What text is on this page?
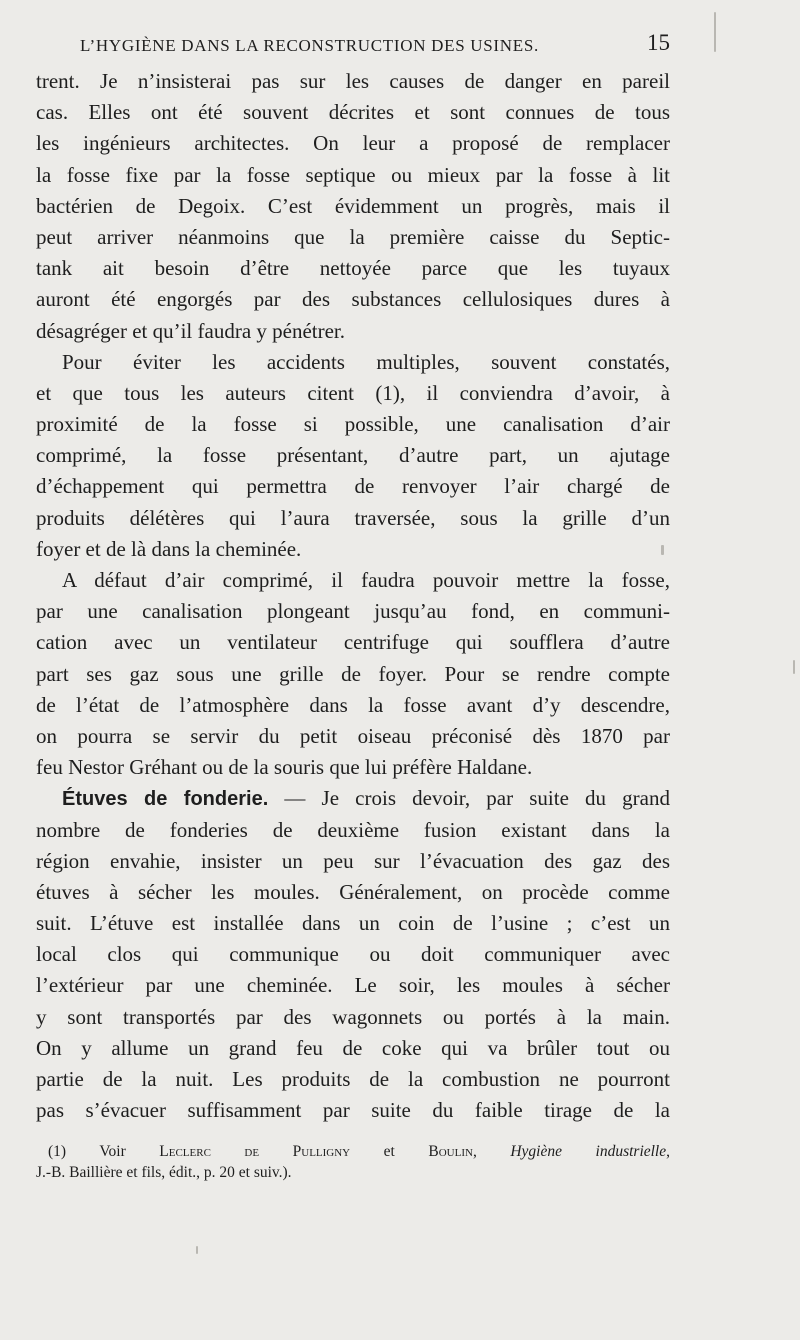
L’HYGIÈNE DANS LA RECONSTRUCTION DES USINES.	15
trent. Je n’insisterai pas sur les causes de danger en pareil
cas. Elles ont été souvent décrites et sont connues de tous
les ingénieurs architectes. On leur a proposé de remplacer
la fosse fixe par la fosse septique ou mieux par la fosse à lit
bactérien de Degoix. C’est évidemment un progrès, mais il
peut arriver néanmoins que la première caisse du Septic-
tank ait besoin d’être nettoyée parce que les tuyaux
auront été engorgés par des substances cellulosiques dures à
désagréger et qu’il faudra y pénétrer.
Pour éviter les accidents multiples, souvent constatés,
et que tous les auteurs citent (1), il conviendra d’avoir, à
proximité de la fosse si possible, une canalisation d’air
comprimé, la fosse présentant, d’autre part, un ajutage
d’échappement qui permettra de renvoyer l’air chargé de
produits délétères qui l’aura traversée, sous la grille d’un
foyer et de là dans la cheminée.
A défaut d’air comprimé, il faudra pouvoir mettre la fosse,
par une canalisation plongeant jusqu’au fond, en communi-
cation avec un ventilateur centrifuge qui soufflera d’autre
part ses gaz sous une grille de foyer. Pour se rendre compte
de l’état de l’atmosphère dans la fosse avant d’y descendre,
on pourra se servir du petit oiseau préconisé dès 1870 par
feu Nestor Gréhant ou de la souris que lui préfère Haldane.
Étuves de fonderie. — Je crois devoir, par suite du grand
nombre de fonderies de deuxième fusion existant dans la
région envahie, insister un peu sur l’évacuation des gaz des
étuves à sécher les moules. Généralement, on procède comme
suit. L’étuve est installée dans un coin de l’usine ; c’est un
local clos qui communique ou doit communiquer avec
l’extérieur par une cheminée. Le soir, les moules à sécher
y sont transportés par des wagonnets ou portés à la main.
On y allume un grand feu de coke qui va brûler tout ou
partie de la nuit. Les produits de la combustion ne pourront
pas s’évacuer suffisamment par suite du faible tirage de la
(1) Voir Leclerc de Pulligny et Boulin, Hygiène industrielle,
J.-B. Baillière et fils, édit., p. 20 et suiv.).
